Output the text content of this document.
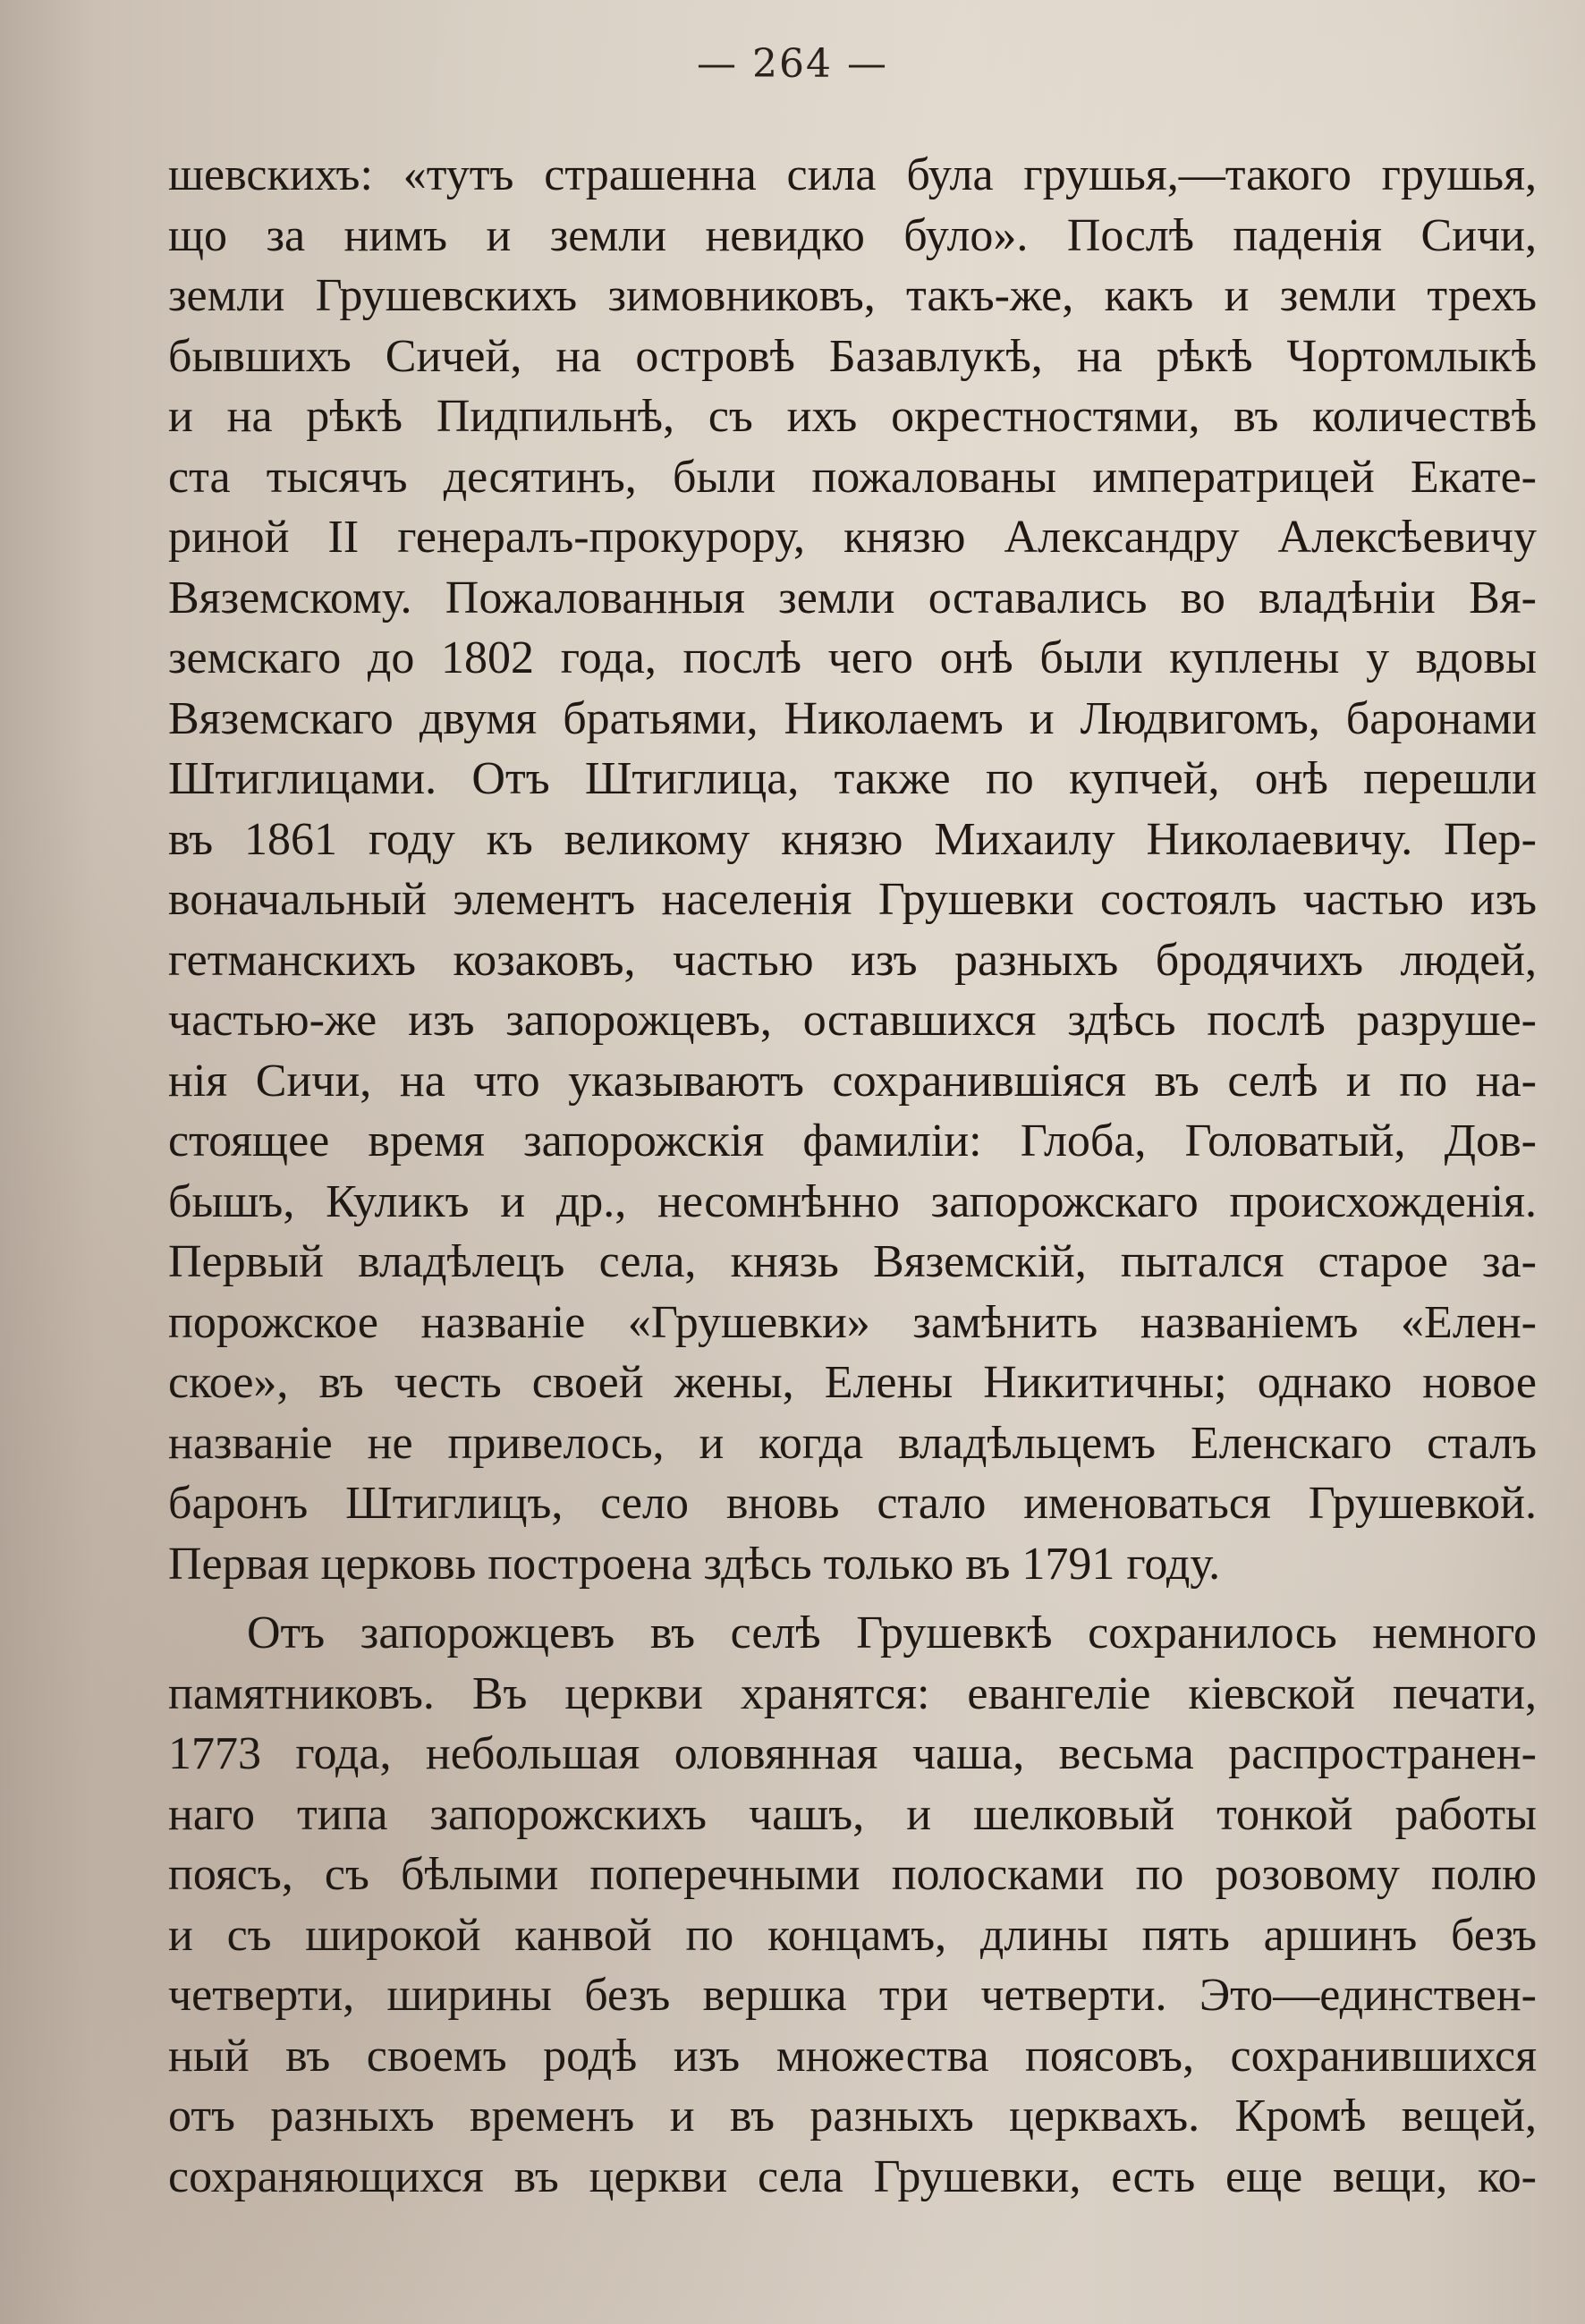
— 264 —
шевскихъ: «тутъ страшенна сила була грушья,—такого грушья,
що за нимъ и земли невидко було». Послѣ паденія Сичи,
земли Грушевскихъ зимовниковъ, такъ-же, какъ и земли трехъ
бывшихъ Сичей, на островѣ Базавлукѣ, на рѣкѣ Чортомлыкѣ
и на рѣкѣ Пидпильнѣ, съ ихъ окрестностями, въ количествѣ
ста тысячъ десятинъ, были пожалованы императрицей Екате-
риной II генералъ-прокурору, князю Александру Алексѣевичу
Вяземскому. Пожалованныя земли оставались во владѣніи Вя-
земскаго до 1802 года, послѣ чего онѣ были куплены у вдовы
Вяземскаго двумя братьями, Николаемъ и Людвигомъ, баронами
Штиглицами. Отъ Штиглица, также по купчей, онѣ перешли
въ 1861 году къ великому князю Михаилу Николаевичу. Пер-
воначальный элементъ населенія Грушевки состоялъ частью изъ
гетманскихъ козаковъ, частью изъ разныхъ бродячихъ людей,
частью-же изъ запорожцевъ, оставшихся здѣсь послѣ разруше-
нія Сичи, на что указываютъ сохранившіяся въ селѣ и по на-
стоящее время запорожскія фамиліи: Глоба, Головатый, Дов-
бышъ, Куликъ и др., несомнѣнно запорожскаго происхожденія.
Первый владѣлецъ села, князь Вяземскій, пытался старое за-
порожское названіе «Грушевки» замѣнить названіемъ «Елен-
ское», въ честь своей жены, Елены Никитичны; однако новое
названіе не привелось, и когда владѣльцемъ Еленскаго сталъ
баронъ Штиглицъ, село вновь стало именоваться Грушевкой.
Первая церковь построена здѣсь только въ 1791 году.
Отъ запорожцевъ въ селѣ Грушевкѣ сохранилось немного
памятниковъ. Въ церкви хранятся: евангеліе кіевской печати,
1773 года, небольшая оловянная чаша, весьма распространен-
наго типа запорожскихъ чашъ, и шелковый тонкой работы
поясъ, съ бѣлыми поперечными полосками по розовому полю
и съ широкой канвой по концамъ, длины пять аршинъ безъ
четверти, ширины безъ вершка три четверти. Это—единствен-
ный въ своемъ родѣ изъ множества поясовъ, сохранившихся
отъ разныхъ временъ и въ разныхъ церквахъ. Кромѣ вещей,
сохраняющихся въ церкви села Грушевки, есть еще вещи, ко-
